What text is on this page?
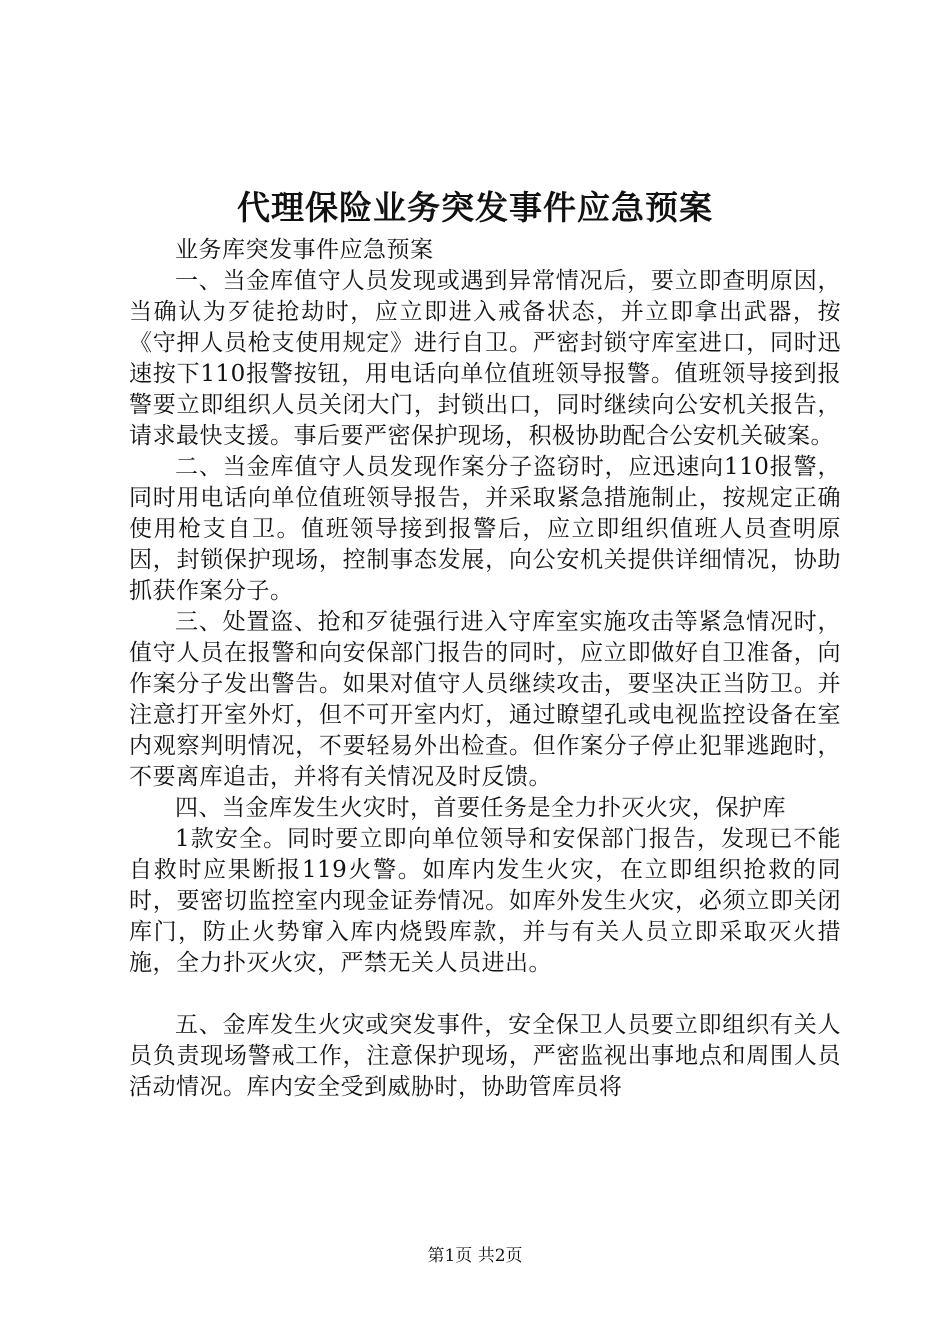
代理保险业务突发事件应急预案

业务库突发事件应急预案

一、当金库值守人员发现或遇到异常情况后，要立即查明原因，当确认为歹徒抢劫时，应立即进入戒备状态，并立即拿出武器，按《守押人员枪支使用规定》进行自卫。严密封锁守库室进口，同时迅速按下110报警按钮，用电话向单位值班领导报警。值班领导接到报警要立即组织人员关闭大门，封锁出口，同时继续向公安机关报告，请求最快支援。事后要严密保护现场，积极协助配合公安机关破案。

二、当金库值守人员发现作案分子盗窃时，应迅速向110报警，同时用电话向单位值班领导报告，并采取紧急措施制止，按规定正确使用枪支自卫。值班领导接到报警后，应立即组织值班人员查明原因，封锁保护现场，控制事态发展，向公安机关提供详细情况，协助抓获作案分子。

三、处置盗、抢和歹徒强行进入守库室实施攻击等紧急情况时，值守人员在报警和向安保部门报告的同时，应立即做好自卫准备，向作案分子发出警告。如果对值守人员继续攻击，要坚决正当防卫。并注意打开室外灯，但不可开室内灯，通过瞭望孔或电视监控设备在室内观察判明情况，不要轻易外出检查。但作案分子停止犯罪逃跑时，不要离库追击，并将有关情况及时反馈。

四、当金库发生火灾时，首要任务是全力扑灭火灾，保护库

1款安全。同时要立即向单位领导和安保部门报告，发现已不能自救时应果断报119火警。如库内发生火灾，在立即组织抢救的同时，要密切监控室内现金证券情况。如库外发生火灾，必须立即关闭库门，防止火势窜入库内烧毁库款，并与有关人员立即采取灭火措施，全力扑灭火灾，严禁无关人员进出。

五、金库发生火灾或突发事件，安全保卫人员要立即组织有关人员负责现场警戒工作，注意保护现场，严密监视出事地点和周围人员活动情况。库内安全受到威胁时，协助管库员将

第1页 共2页
